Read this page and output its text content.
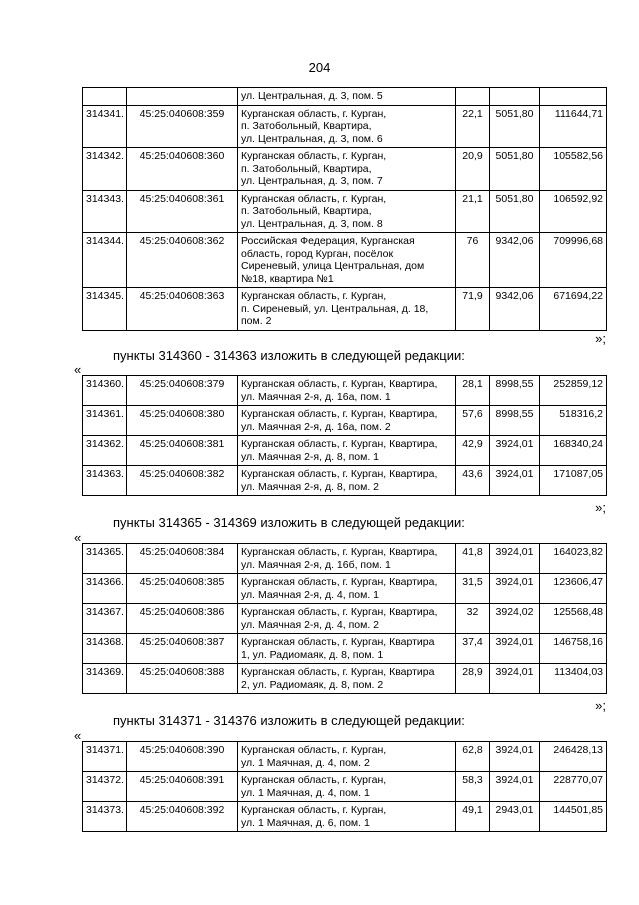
204

		ул. Центральная, д. 3, пом. 5			

314341.	45:25:040608:359	Курганская область, г. Курган,
п. Затобольный, Квартира,
ул. Центральная, д. 3, пом. 6	22,1	5051,80	111644,71
314342.	45:25:040608:360	Курганская область, г. Курган,
п. Затобольный, Квартира,
ул. Центральная, д. 3, пом. 7	20,9	5051,80	105582,56
314343.	45:25:040608:361	Курганская область, г. Курган,
п. Затобольный, Квартира,
ул. Центральная, д. 3, пом. 8	21,1	5051,80	106592,92
314344.	45:25:040608:362	Российская Федерация, Курганская
область, город Курган, посёлок
Сиреневый, улица Центральная, дом
№18, квартира №1	76	9342,06	709996,68
314345.	45:25:040608:363	Курганская область, г. Курган,
п. Сиреневый, ул. Центральная, д. 18,
пом. 2	71,9	9342,06	671694,22
»;
пункты 314360 - 314363 изложить в следующей редакции:
«
314360.	45:25:040608:379	Курганская область, г. Курган, Квартира,
ул. Маячная 2-я, д. 16а, пом. 1	28,1	8998,55	252859,12
314361.	45:25:040608:380	Курганская область, г. Курган, Квартира,
ул. Маячная 2-я, д. 16а, пом. 2	57,6	8998,55	518316,2
314362.	45:25:040608:381	Курганская область, г. Курган, Квартира,
ул. Маячная 2-я, д. 8, пом. 1	42,9	3924,01	168340,24
314363.	45:25:040608:382	Курганская область, г. Курган, Квартира,
ул. Маячная 2-я, д. 8, пом. 2	43,6	3924,01	171087,05
»;
пункты 314365 - 314369 изложить в следующей редакции:
«
314365.	45:25:040608:384	Курганская область, г. Курган, Квартира,
ул. Маячная 2-я, д. 16б, пом. 1	41,8	3924,01	164023,82
314366.	45:25:040608:385	Курганская область, г. Курган, Квартира,
ул. Маячная 2-я, д. 4, пом. 1	31,5	3924,01	123606,47
314367.	45:25:040608:386	Курганская область, г. Курган, Квартира,
ул. Маячная 2-я, д. 4, пом. 2	32	3924,02	125568,48
314368.	45:25:040608:387	Курганская область, г. Курган, Квартира
1, ул. Радиомаяк, д. 8, пом. 1	37,4	3924,01	146758,16
314369.	45:25:040608:388	Курганская область, г. Курган, Квартира
2, ул. Радиомаяк, д. 8, пом. 2	28,9	3924,01	113404,03
»;
пункты 314371 - 314376 изложить в следующей редакции:
«
314371.	45:25:040608:390	Курганская область, г. Курган,
ул. 1 Маячная, д. 4, пом. 2	62,8	3924,01	246428,13
314372.	45:25:040608:391	Курганская область, г. Курган,
ул. 1 Маячная, д. 4, пом. 1	58,3	3924,01	228770,07
314373.	45:25:040608:392	Курганская область, г. Курган,
ул. 1 Маячная, д. 6, пом. 1	49,1	2943,01	144501,85
